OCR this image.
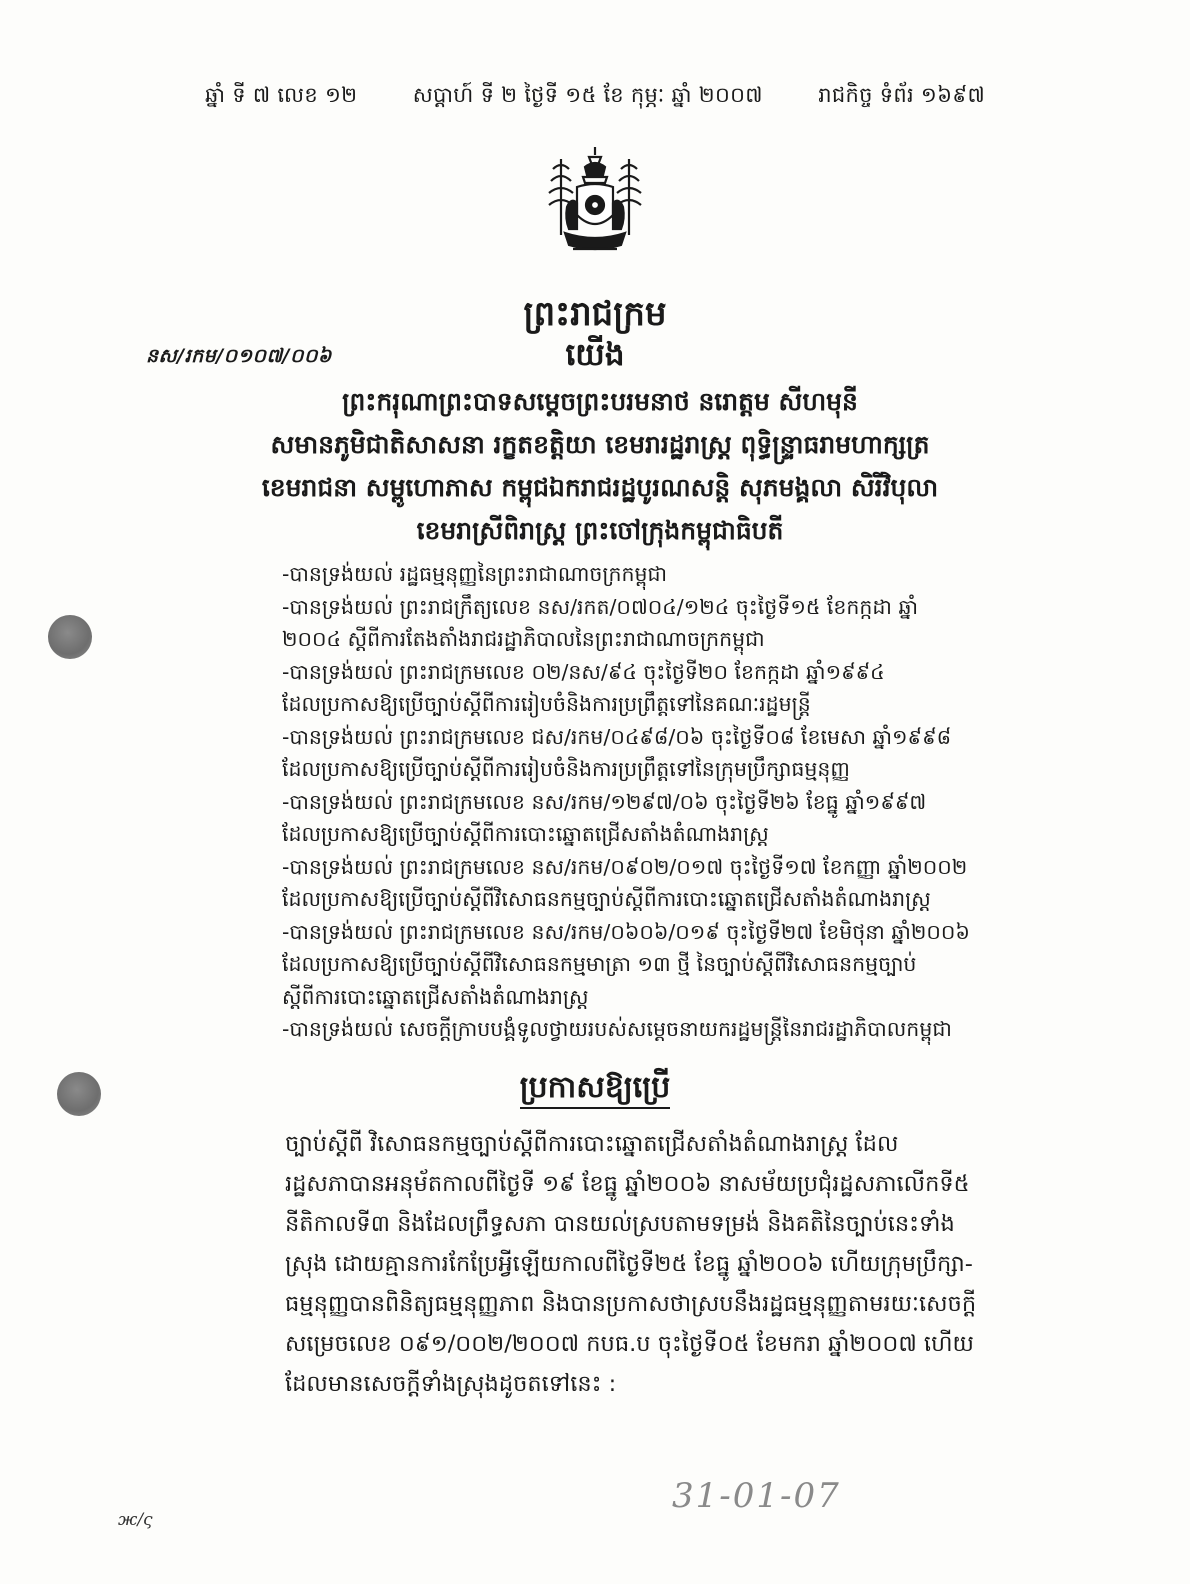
ឆ្នាំ ទី ៧ លេខ ១២	សប្តាហ៍ ទី ២ ថ្ងៃទី ១៥ ខែ កុម្ភៈ ឆ្នាំ ២០០៧	រាជកិច្ច ទំព័រ ១៦៩៧
ព្រះរាជក្រម
នស/រកម/០១០៧/០០៦	យើង
ព្រះករុណាព្រះបាទសម្តេចព្រះបរមនាថ នរោត្តម សីហមុនី
សមានភូមិជាតិសាសនា រក្ខតខត្តិយា ខេមរារដ្ឋរាស្ត្រ ពុទ្ធិន្ទ្រាធរាមហាក្សត្រ
ខេមរាជនា សម្ពូហោភាស កម្ពុជឯករាជរដ្ឋបូរណសន្តិ សុភមង្គលា សិរីវិបុលា
ខេមរាស្រីពិរាស្ត្រ ព្រះចៅក្រុងកម្ពុជាធិបតី
-បានទ្រង់យល់ រដ្ឋធម្មនុញ្ញនៃព្រះរាជាណាចក្រកម្ពុជា
-បានទ្រង់យល់ ព្រះរាជក្រឹត្យលេខ នស/រកត/០៧០៤/១២៤ ចុះថ្ងៃទី១៥ ខែកក្កដា ឆ្នាំ
២០០៤ ស្តីពីការតែងតាំងរាជរដ្ឋាភិបាលនៃព្រះរាជាណាចក្រកម្ពុជា
-បានទ្រង់យល់ ព្រះរាជក្រមលេខ ០២/នស/៩៤ ចុះថ្ងៃទី២០ ខែកក្កដា ឆ្នាំ១៩៩៤
ដែលប្រកាសឱ្យប្រើច្បាប់ស្តីពីការរៀបចំនិងការប្រព្រឹត្តទៅនៃគណៈរដ្ឋមន្ត្រី
-បានទ្រង់យល់ ព្រះរាជក្រមលេខ ជស/រកម/០៤៩៨/០៦ ចុះថ្ងៃទី០៨ ខែមេសា ឆ្នាំ១៩៩៨
ដែលប្រកាសឱ្យប្រើច្បាប់ស្តីពីការរៀបចំនិងការប្រព្រឹត្តទៅនៃក្រុមប្រឹក្សាធម្មនុញ្ញ
-បានទ្រង់យល់ ព្រះរាជក្រមលេខ នស/រកម/១២៩៧/០៦ ចុះថ្ងៃទី២៦ ខែធ្នូ ឆ្នាំ១៩៩៧
ដែលប្រកាសឱ្យប្រើច្បាប់ស្តីពីការបោះឆ្នោតជ្រើសតាំងតំណាងរាស្ត្រ
-បានទ្រង់យល់ ព្រះរាជក្រមលេខ នស/រកម/០៩០២/០១៧ ចុះថ្ងៃទី១៧ ខែកញ្ញា ឆ្នាំ២០០២
ដែលប្រកាសឱ្យប្រើច្បាប់ស្តីពីវិសោធនកម្មច្បាប់ស្តីពីការបោះឆ្នោតជ្រើសតាំងតំណាងរាស្ត្រ
-បានទ្រង់យល់ ព្រះរាជក្រមលេខ នស/រកម/០៦០៦/០១៩ ចុះថ្ងៃទី២៧ ខែមិថុនា ឆ្នាំ២០០៦
ដែលប្រកាសឱ្យប្រើច្បាប់ស្តីពីវិសោធនកម្មមាត្រា ១៣ ថ្មី នៃច្បាប់ស្តីពីវិសោធនកម្មច្បាប់
ស្តីពីការបោះឆ្នោតជ្រើសតាំងតំណាងរាស្ត្រ
-បានទ្រង់យល់ សេចក្តីក្រាបបង្គំទូលថ្វាយរបស់សម្តេចនាយករដ្ឋមន្ត្រីនៃរាជរដ្ឋាភិបាលកម្ពុជា
ប្រកាសឱ្យប្រើ
ច្បាប់ស្តីពី វិសោធនកម្មច្បាប់ស្តីពីការបោះឆ្នោតជ្រើសតាំងតំណាងរាស្ត្រ ដែល
រដ្ឋសភាបានអនុម័តកាលពីថ្ងៃទី ១៩ ខែធ្នូ ឆ្នាំ២០០៦ នាសម័យប្រជុំរដ្ឋសភាលើកទី៥
នីតិកាលទី៣ និងដែលព្រឹទ្ធសភា បានយល់ស្របតាមទម្រង់ និងគតិនៃច្បាប់នេះទាំង
ស្រុង ដោយគ្មានការកែប្រែអ្វីឡើយកាលពីថ្ងៃទី២៥ ខែធ្នូ ឆ្នាំ២០០៦ ហើយក្រុមប្រឹក្សា-
ធម្មនុញ្ញបានពិនិត្យធម្មនុញ្ញភាព និងបានប្រកាសថាស្របនឹងរដ្ឋធម្មនុញ្ញតាមរយៈសេចក្តី
សម្រេចលេខ ០៩១/០០២/២០០៧ កបធ.ប ចុះថ្ងៃទី០៥ ខែមករា ឆ្នាំ២០០៧ ហើយ
ដែលមានសេចក្តីទាំងស្រុងដូចតទៅនេះ :
31-01-07
ж/ς
